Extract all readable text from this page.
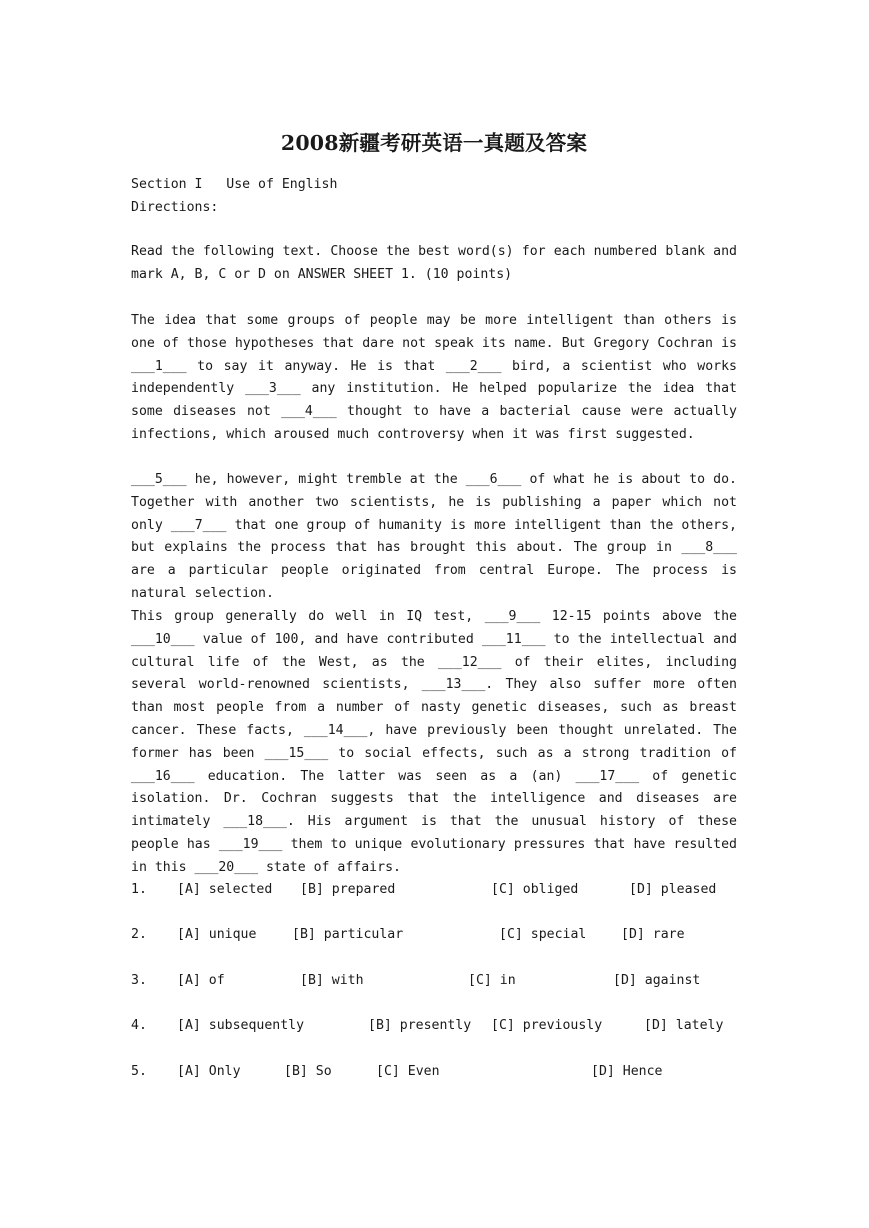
2008新疆考研英语一真题及答案
Section I   Use of English
Directions:

Read the following text. Choose the best word(s) for each numbered blank and mark A, B, C or D on ANSWER SHEET 1. (10 points)

The idea that some groups of people may be more intelligent than others is one of those hypotheses that dare not speak its name. But Gregory Cochran is ___1___ to say it anyway. He is that ___2___ bird, a scientist who works independently ___3___ any institution. He helped popularize the idea that some diseases not ___4___ thought to have a bacterial cause were actually infections, which aroused much controversy when it was first suggested.

___5___ he, however, might tremble at the ___6___ of what he is about to do. Together with another two scientists, he is publishing a paper which not only ___7___ that one group of humanity is more intelligent than the others, but explains the process that has brought this about. The group in ___8___ are a particular people originated from central Europe. The process is natural selection.

This group generally do well in IQ test, ___9___ 12-15 points above the ___10___ value of 100, and have contributed ___11___ to the intellectual and cultural life of the West, as the ___12___ of their elites, including several world-renowned scientists, ___13___. They also suffer more often than most people from a number of nasty genetic diseases, such as breast cancer. These facts, ___14___, have previously been thought unrelated. The former has been ___15___ to social effects, such as a strong tradition of ___16___ education. The latter was seen as a (an) ___17___ of genetic isolation. Dr. Cochran suggests that the intelligence and diseases are intimately ___18___. His argument is that the unusual history of these people has ___19___ them to unique evolutionary pressures that have resulted in this ___20___ state of affairs.

1. [A] selected [B] prepared	[C] obliged	[D] pleased
2. [A] unique	[B] particular	[C] special	[D] rare
3. [A] of	[B] with	[C] in	[D] against
4. [A] subsequently	[B] presently [C] previously	[D] lately
5. [A] Only	[B] So	[C] Even	[D] Hence
